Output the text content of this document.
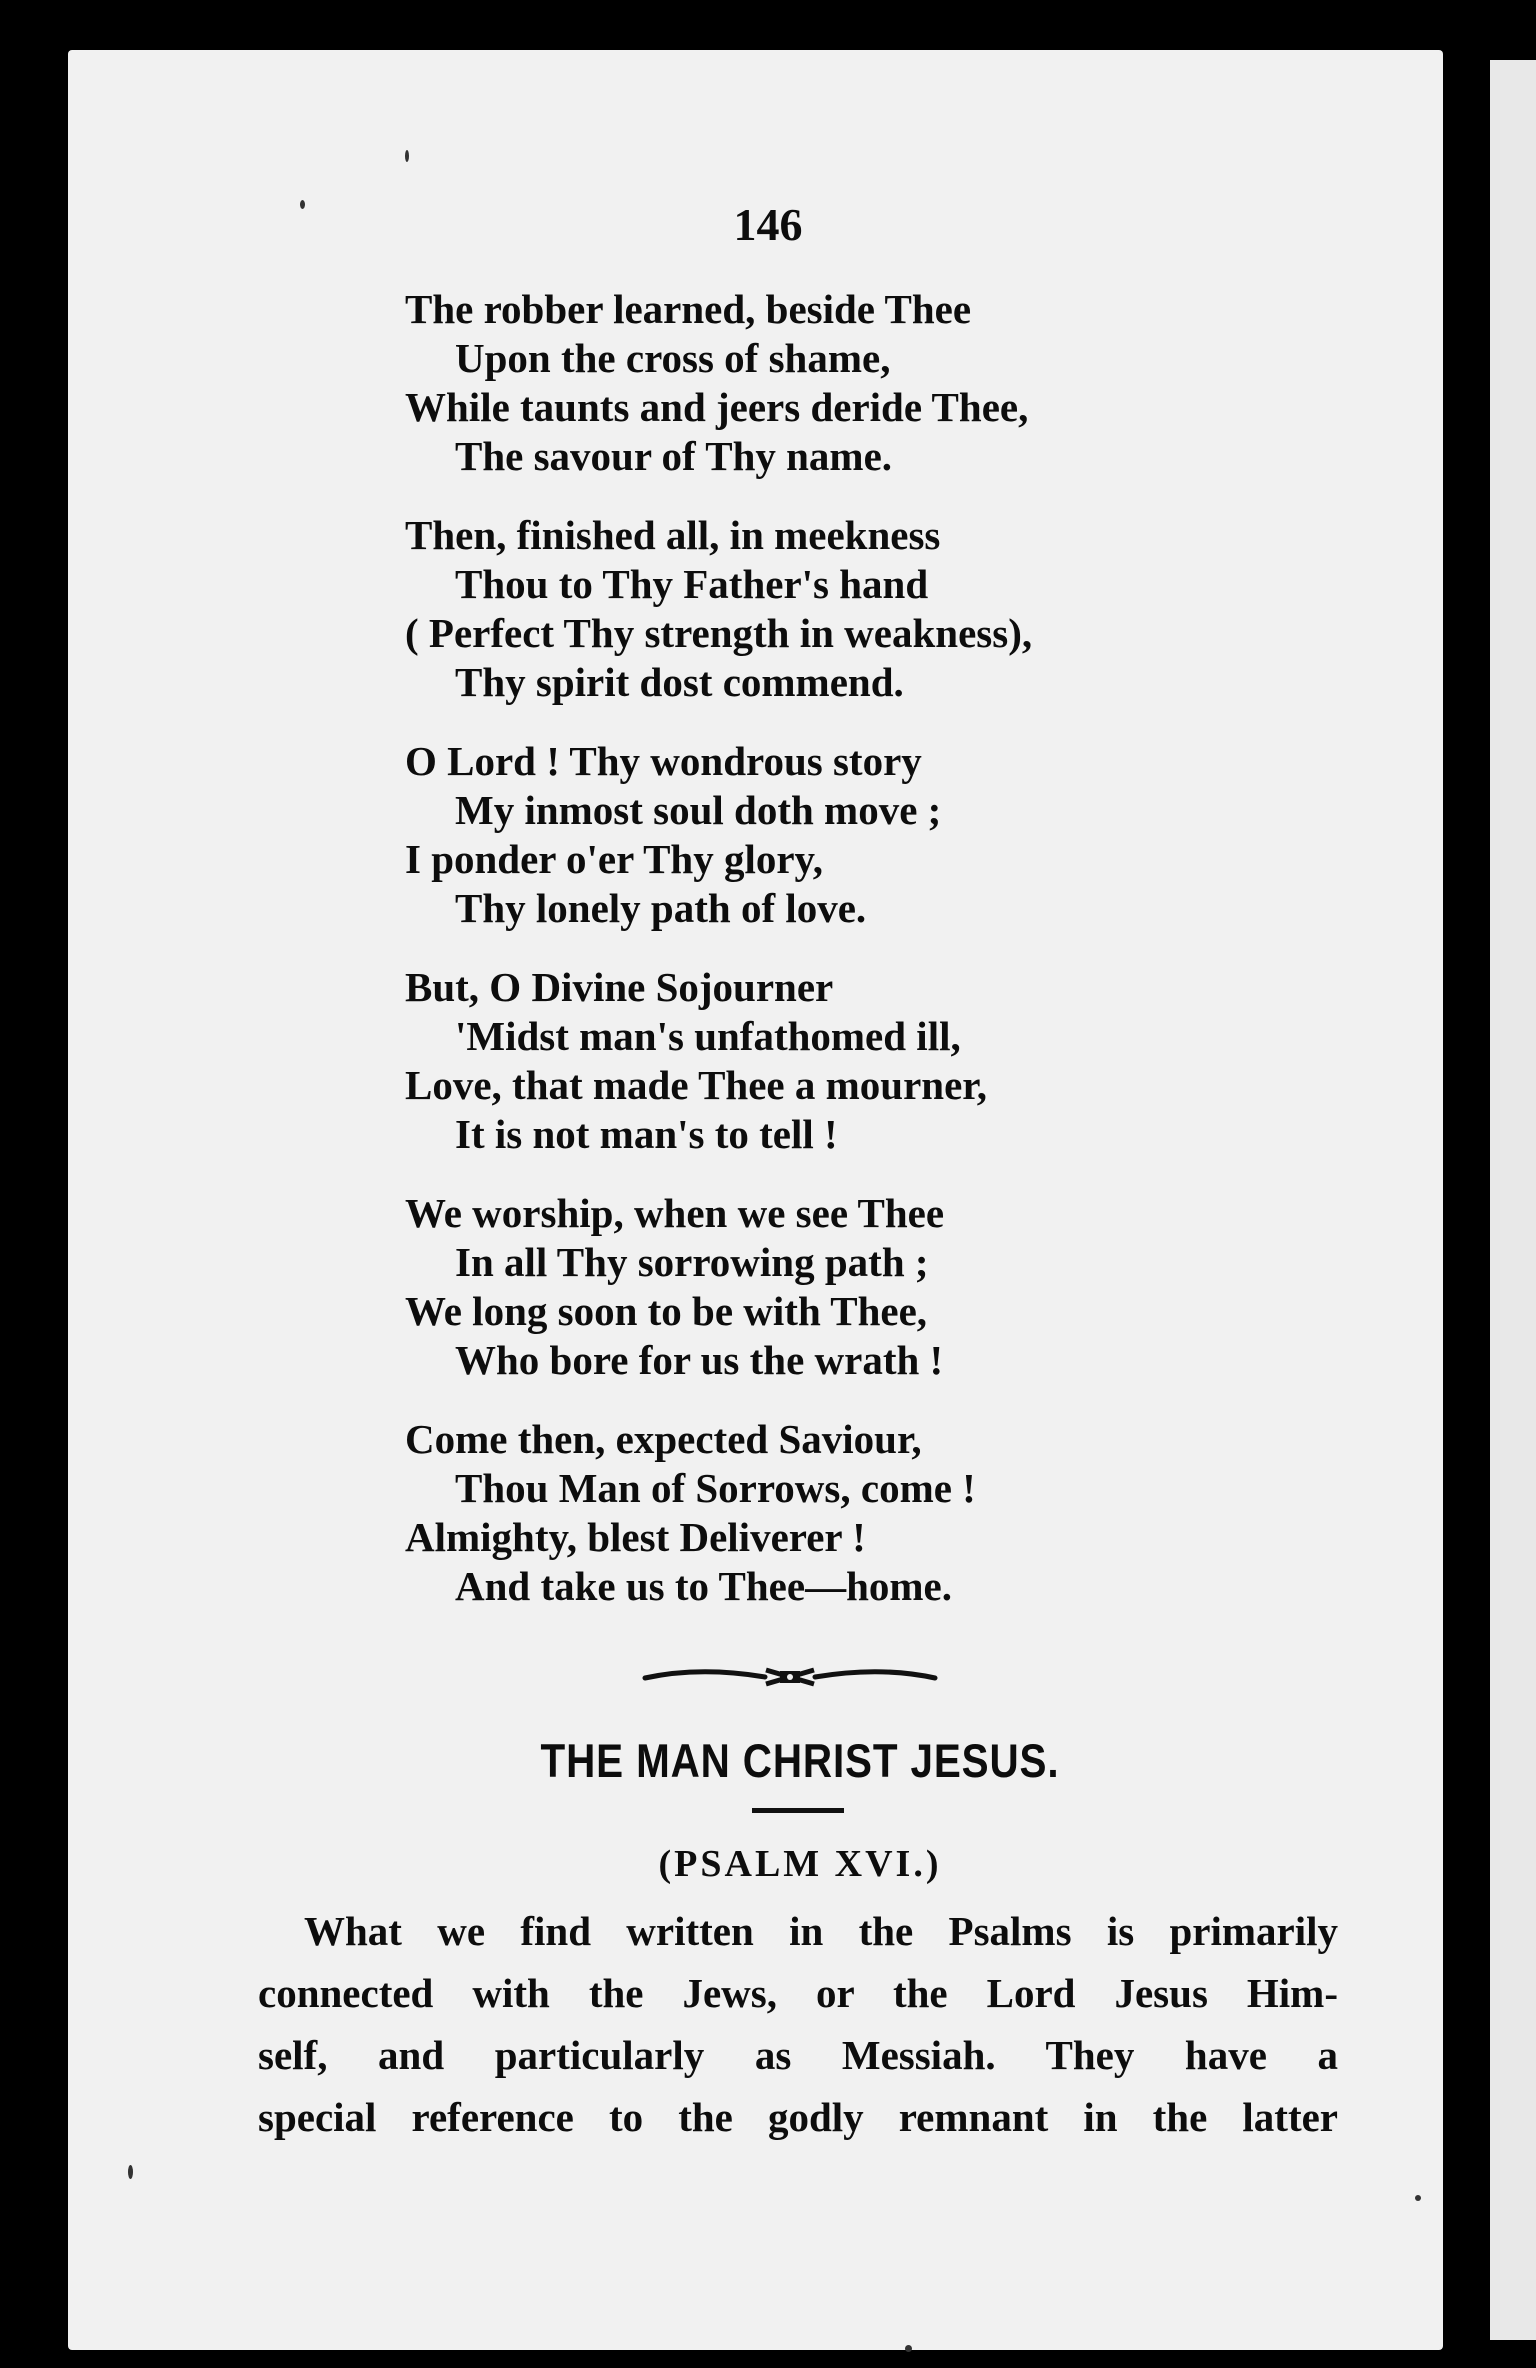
146
The robber learned, beside Thee
Upon the cross of shame,
While taunts and jeers deride Thee,
The savour of Thy name.
Then, finished all, in meekness
Thou to Thy Father's hand
( Perfect Thy strength in weakness),
Thy spirit dost commend.
O Lord ! Thy wondrous story
My inmost soul doth move ;
I ponder o'er Thy glory,
Thy lonely path of love.
But, O Divine Sojourner
'Midst man's unfathomed ill,
Love, that made Thee a mourner,
It is not man's to tell !
We worship, when we see Thee
In all Thy sorrowing path ;
We long soon to be with Thee,
Who bore for us the wrath !
Come then, expected Saviour,
Thou Man of Sorrows, come !
Almighty, blest Deliverer !
And take us to Thee—home.
THE MAN CHRIST JESUS.
(PSALM XVI.)
What we find written in the Psalms is primarily
connected with the Jews, or the Lord Jesus Him-
self, and particularly as Messiah. They have a
special reference to the godly remnant in the latter
